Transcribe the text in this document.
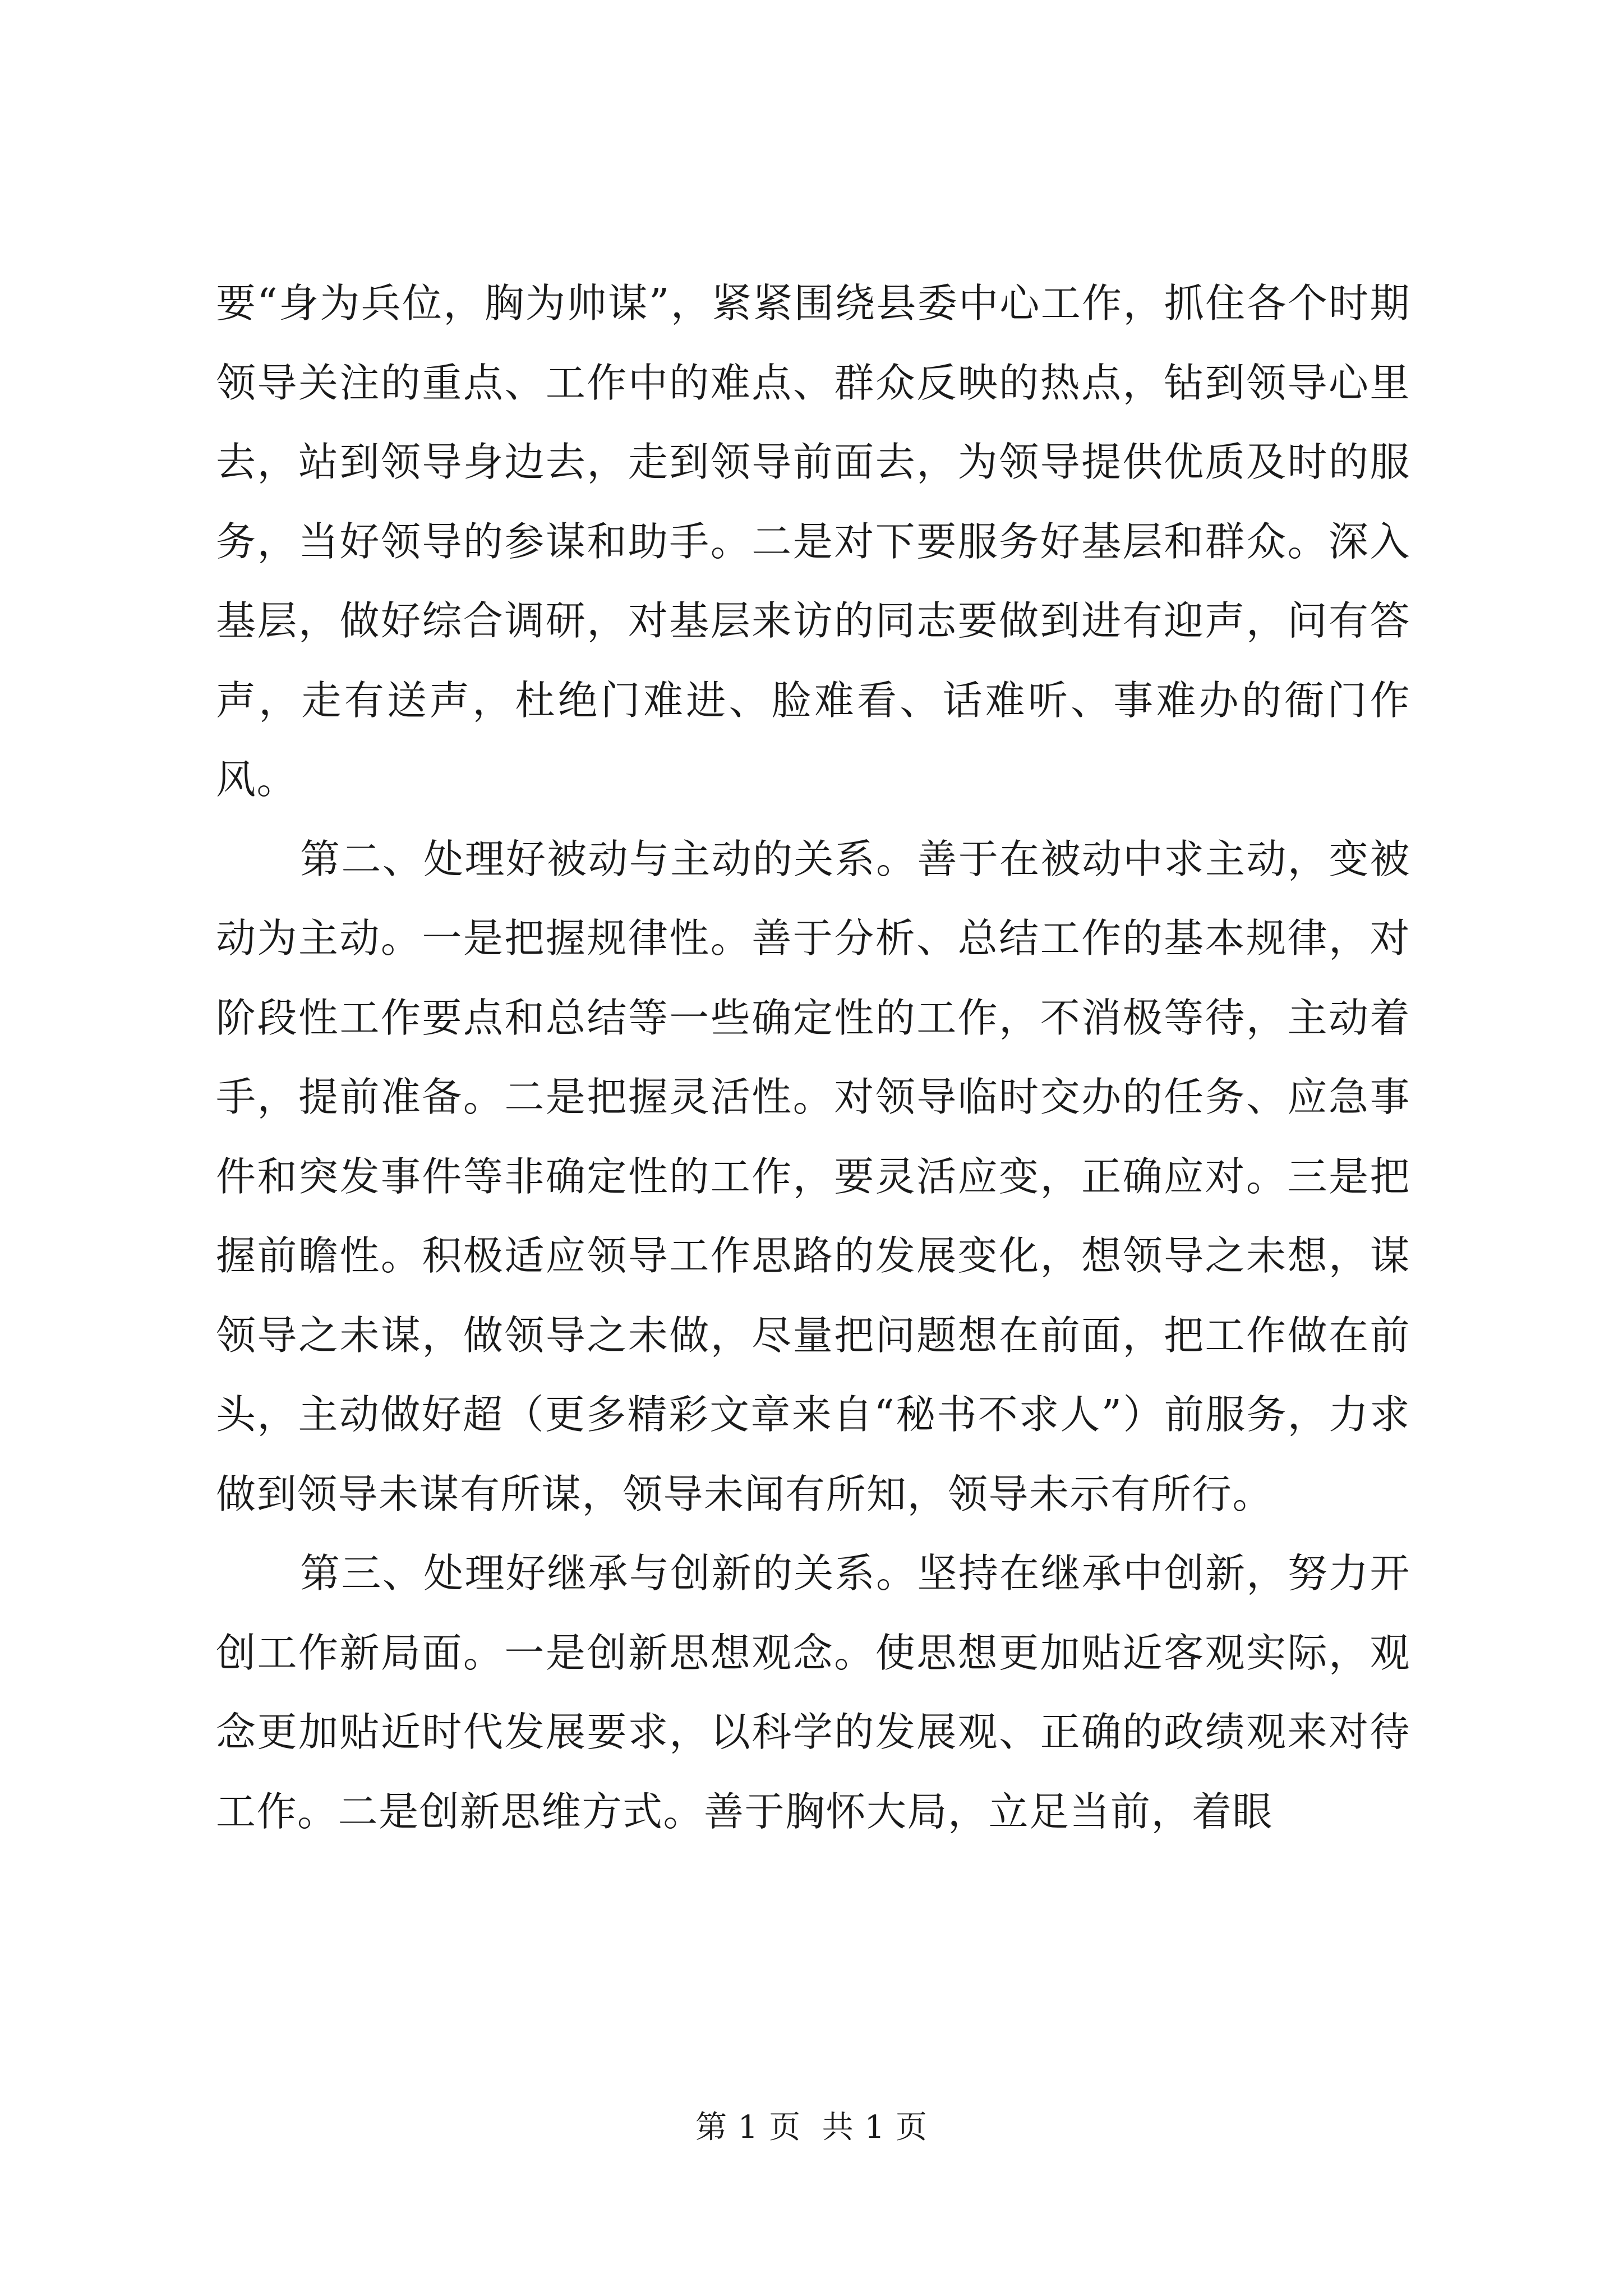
要“身为兵位，胸为帅谋”，紧紧围绕县委中心工作，抓住各个时期领导关注的重点、工作中的难点、群众反映的热点，钻到领导心里去，站到领导身边去，走到领导前面去，为领导提供优质及时的服务，当好领导的参谋和助手。二是对下要服务好基层和群众。深入基层，做好综合调研，对基层来访的同志要做到进有迎声，问有答声，走有送声，杜绝门难进、脸难看、话难听、事难办的衙门作风。

第二、处理好被动与主动的关系。善于在被动中求主动，变被动为主动。一是把握规律性。善于分析、总结工作的基本规律，对阶段性工作要点和总结等一些确定性的工作，不消极等待，主动着手，提前准备。二是把握灵活性。对领导临时交办的任务、应急事件和突发事件等非确定性的工作，要灵活应变，正确应对。三是把握前瞻性。积极适应领导工作思路的发展变化，想领导之未想，谋领导之未谋，做领导之未做，尽量把问题想在前面，把工作做在前头，主动做好超（更多精彩文章来自“秘书不求人”）前服务，力求做到领导未谋有所谋，领导未闻有所知，领导未示有所行。

第三、处理好继承与创新的关系。坚持在继承中创新，努力开创工作新局面。一是创新思想观念。使思想更加贴近客观实际，观念更加贴近时代发展要求，以科学的发展观、正确的政绩观来对待工作。二是创新思维方式。善于胸怀大局，立足当前，着眼

第 1 页  共 1 页
